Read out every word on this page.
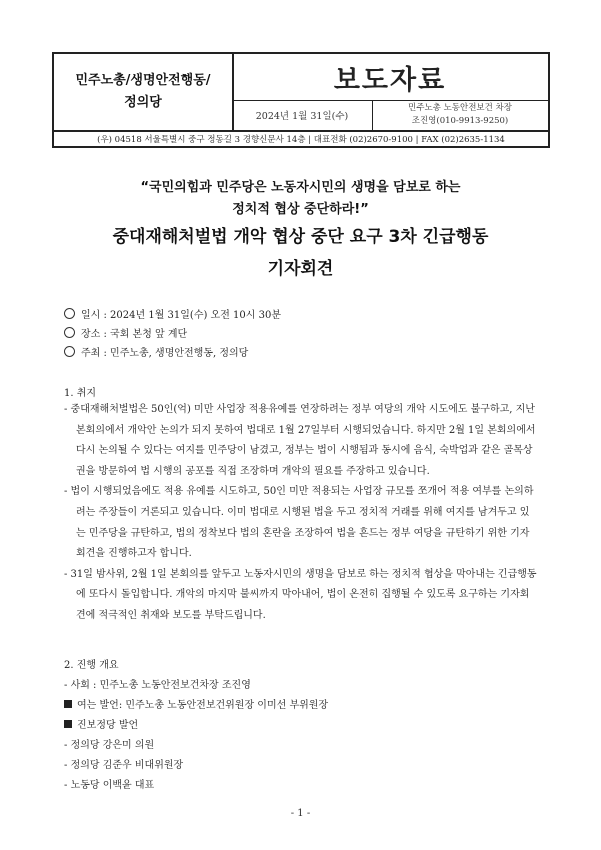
민주노총/생명안전행동/
정의당
보도자료
2024년 1월 31일(수)
민주노총 노동안전보건 차장
조진영(010-9913-9250)
(우) 04518 서울특별시 중구 정동길 3 경향신문사 14층 | 대표전화 (02)2670-9100 | FAX (02)2635-1134
“국민의힘과 민주당은 노동자시민의 생명을 담보로 하는
정치적 협상 중단하라!”
중대재해처벌법 개악 협상 중단 요구 3차 긴급행동
기자회견
일시 : 2024년 1월 31일(수) 오전 10시 30분
장소 : 국회 본청 앞 계단
주최 : 민주노총, 생명안전행동, 정의당
1. 취지

- 중대재해처벌법은 50인(억) 미만 사업장 적용유예를 연장하려는 정부 여당의 개악 시도에도 불구하고, 지난 본회의에서 개악안 논의가 되지 못하여 법대로 1월 27일부터 시행되었습니다. 하지만 2월 1일 본회의에서 다시 논의될 수 있다는 여지를 민주당이 남겼고, 정부는 법이 시행됨과 동시에 음식, 숙박업과 같은 골목상권을 방문하여 법 시행의 공포를 직접 조장하며 개악의 필요를 주장하고 있습니다.

- 법이 시행되었음에도 적용 유예를 시도하고, 50인 미만 적용되는 사업장 규모를 쪼개어 적용 여부를 논의하려는 주장들이 거론되고 있습니다. 이미 법대로 시행된 법을 두고 정치적 거래를 위해 여지를 남겨두고 있는 민주당을 규탄하고, 법의 정착보다 법의 혼란을 조장하여 법을 흔드는 정부 여당을 규탄하기 위한 기자회견을 진행하고자 합니다.

- 31일 밤사위, 2월 1일 본회의를 앞두고 노동자시민의 생명을 담보로 하는 정치적 협상을 막아내는 긴급행동에 또다시 돌입합니다. 개악의 마지막 불씨까지 막아내어, 법이 온전히 집행될 수 있도록 요구하는 기자회견에 적극적인 취재와 보도를 부탁드립니다.

2. 진행 개요
- 사회 : 민주노총 노동안전보건차장 조진영
여는 발언: 민주노총 노동안전보건위원장 이미선 부위원장
진보정당 발언
- 정의당 강은미 의원
- 정의당 김준우 비대위원장
- 노동당 이백윤 대표
- 1 -
